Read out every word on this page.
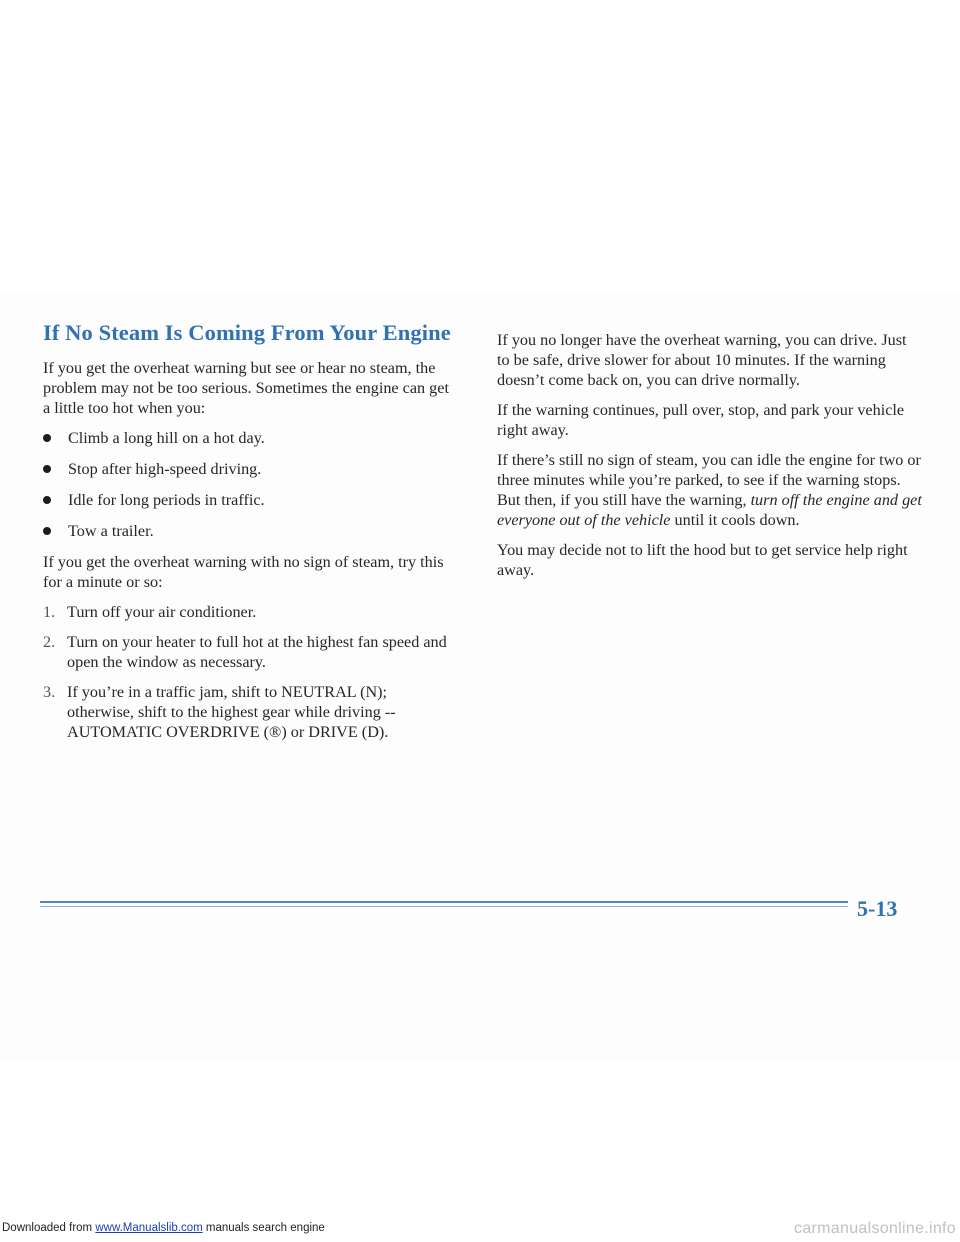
If No Steam Is Coming From Your Engine

If you get the overheat warning but see or hear no steam, the problem may not be too serious. Sometimes the engine can get a little too hot when you:

Climb a long hill on a hot day.
Stop after high-speed driving.
Idle for long periods in traffic.
Tow a trailer.

If you get the overheat warning with no sign of steam, try this for a minute or so:

1. Turn off your air conditioner.
2. Turn on your heater to full hot at the highest fan speed and open the window as necessary.
3. If you’re in a traffic jam, shift to NEUTRAL (N); otherwise, shift to the highest gear while driving -- AUTOMATIC OVERDRIVE (®) or DRIVE (D).

If you no longer have the overheat warning, you can drive. Just to be safe, drive slower for about 10 minutes. If the warning doesn’t come back on, you can drive normally.

If the warning continues, pull over, stop, and park your vehicle right away.

If there’s still no sign of steam, you can idle the engine for two or three minutes while you’re parked, to see if the warning stops. But then, if you still have the warning, turn off the engine and get everyone out of the vehicle until it cools down.

You may decide not to lift the hood but to get service help right away.

5-13
Downloaded from www.Manualslib.com manuals search engine	carmanualsonline.info
